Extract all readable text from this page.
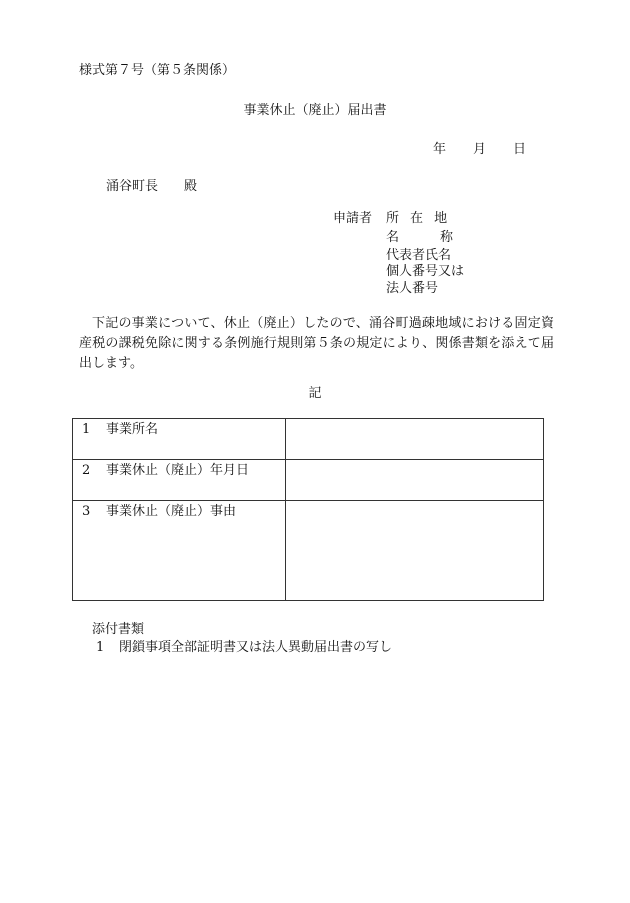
様式第７号（第５条関係）
事業休止（廃止）届出書
年 月 日
涌谷町長 殿
申請者 所在地
名称
代表者氏名
個人番号又は
法人番号

下記の事業について、休止（廃止）したので、涌谷町過疎地域における固定資産税の課税免除に関する条例施行規則第５条の規定により、関係書類を添えて届出します。

記
1 事業所名	
2 事業休止（廃止）年月日	
3 事業休止（廃止）事由	
添付書類
1 閉鎖事項全部証明書又は法人異動届出書の写し
